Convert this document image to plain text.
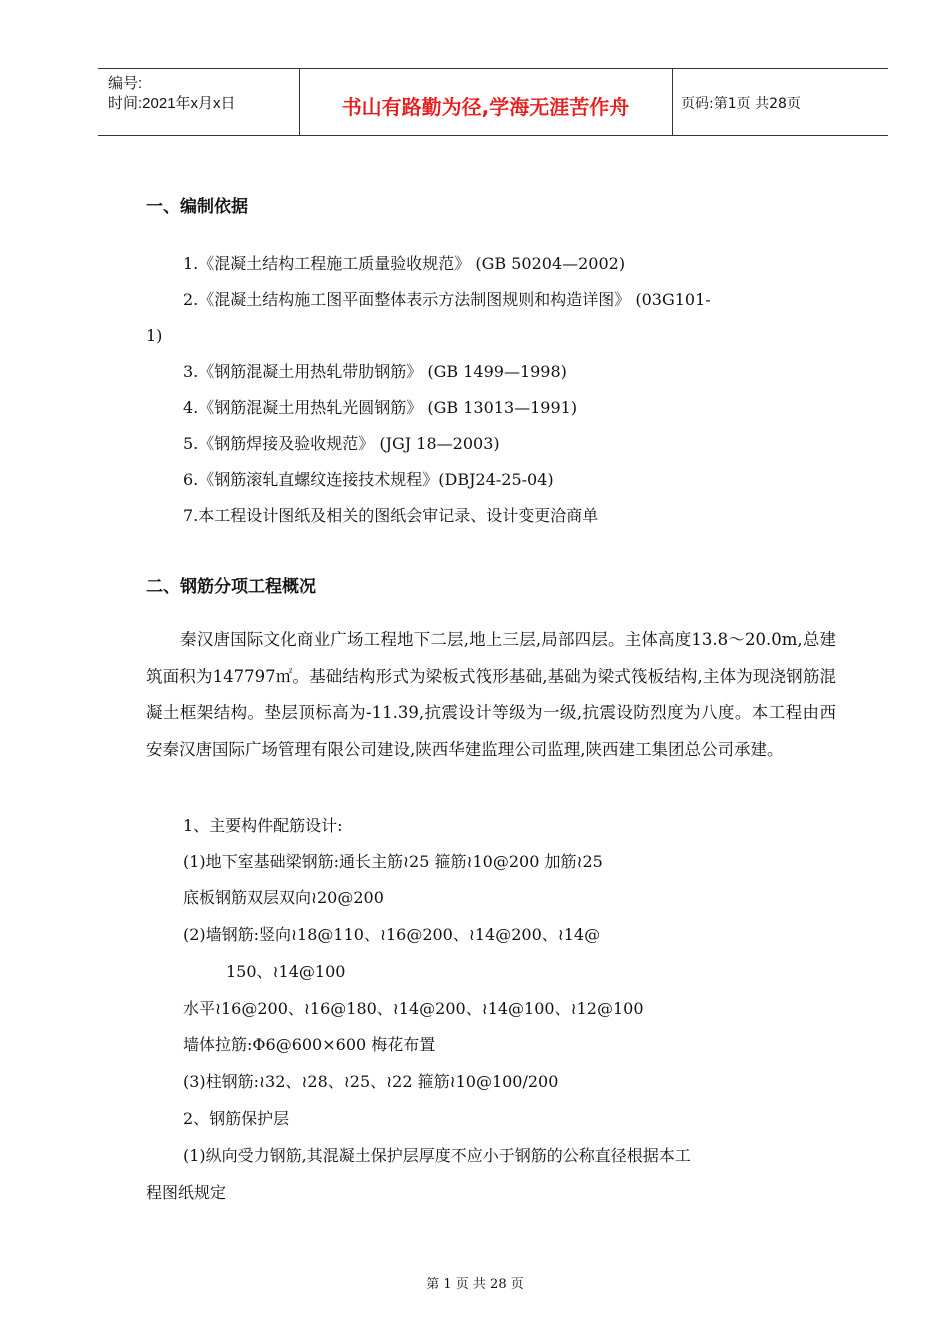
编号:
时间:2021年x月x日	书山有路勤为径,学海无涯苦作舟	页码:第1页 共28页
一、编制依据
1.《混凝土结构工程施工质量验收规范》 (GB 50204—2002)
2.《混凝土结构施工图平面整体表示方法制图规则和构造详图》 (03G101-
1)
3.《钢筋混凝土用热轧带肋钢筋》 (GB 1499—1998)
4.《钢筋混凝土用热轧光圆钢筋》 (GB 13013—1991)
5.《钢筋焊接及验收规范》 (JGJ 18—2003)
6.《钢筋滚轧直螺纹连接技术规程》(DBJ24-25-04)
7.本工程设计图纸及相关的图纸会审记录、设计变更洽商单
二、钢筋分项工程概况
秦汉唐国际文化商业广场工程地下二层,地上三层,局部四层。主体高度13.8～20.0m,总建筑面积为147797㎡。基础结构形式为梁板式筏形基础,基础为梁式筏板结构,主体为现浇钢筋混凝土框架结构。垫层顶标高为-11.39,抗震设计等级为一级,抗震设防烈度为八度。本工程由西安秦汉唐国际广场管理有限公司建设,陕西华建监理公司监理,陕西建工集团总公司承建。
1、主要构件配筋设计:
(1)地下室基础梁钢筋:通长主筋≀25 箍筋≀10@200 加筋≀25
底板钢筋双层双向≀20@200
(2)墙钢筋:竖向≀18@110、≀16@200、≀14@200、≀14@
150、≀14@100
水平≀16@200、≀16@180、≀14@200、≀14@100、≀12@100
墙体拉筋:Φ6@600×600 梅花布置
(3)柱钢筋:≀32、≀28、≀25、≀22 箍筋≀10@100/200
2、钢筋保护层
(1)纵向受力钢筋,其混凝土保护层厚度不应小于钢筋的公称直径根据本工
程图纸规定
第 1 页 共 28 页
